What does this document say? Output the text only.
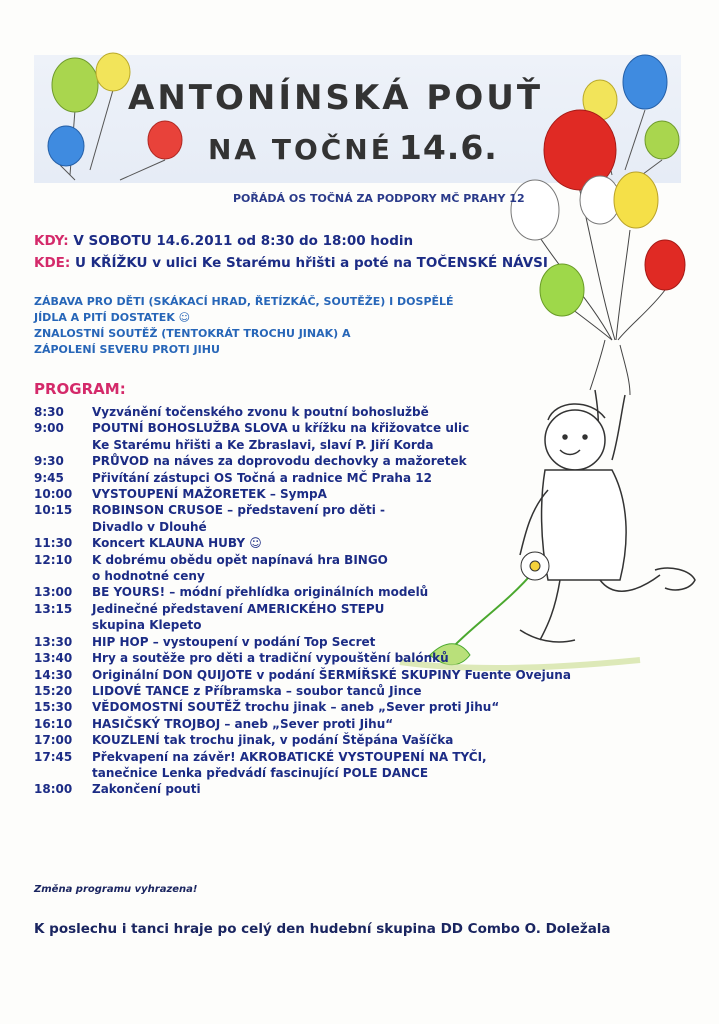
ANTONÍNSKÁ POUŤ
NA TOČNÉ 14.6.
POŘÁDÁ OS TOČNÁ ZA PODPORY MČ PRAHY 12
KDY: V SOBOTU 14.6.2011 od 8:30 do 18:00 hodin
KDE: U KŘÍŽKU v ulici Ke Starému hřišti a poté na TOČENSKÉ NÁVSI
ZÁBAVA PRO DĚTI (SKÁKACÍ HRAD, ŘETÍZKÁČ, SOUTĚŽE) I DOSPĚLÉ
JÍDLA A PITÍ DOSTATEK ☺
ZNALOSTNÍ SOUTĚŽ (TENTOKRÁT TROCHU JINAK) A
ZÁPOLENÍ SEVERU PROTI JIHU
PROGRAM:
8:30	Vyzvánění točenského zvonu k poutní bohoslužbě
9:00	POUTNÍ BOHOSLUŽBA SLOVA u křížku na křižovatce ulic
Ke Starému hřišti a Ke Zbraslavi, slaví P. Jiří Korda
9:30	PRŮVOD na náves za doprovodu dechovky a mažoretek
9:45	Přivítání zástupci OS Točná a radnice MČ Praha 12
10:00	VYSTOUPENÍ MAŽORETEK – SympA
10:15	ROBINSON CRUSOE – představení pro děti -
Divadlo v Dlouhé
11:30	Koncert KLAUNA HUBY ☺
12:10	K dobrému obědu opět napínavá hra BINGO
o hodnotné ceny
13:00	BE YOURS! – módní přehlídka originálních modelů
13:15	Jedinečné představení AMERICKÉHO STEPU
skupina Klepeto
13:30	HIP HOP – vystoupení v podání Top Secret
13:40	Hry a soutěže pro děti a tradiční vypouštění balónků
14:30	Originální DON QUIJOTE v podání ŠERMÍŘSKÉ SKUPINY Fuente Ovejuna
15:20	LIDOVÉ TANCE z Příbramska – soubor tanců Jince
15:30	VĚDOMOSTNÍ SOUTĚŽ trochu jinak – aneb „Sever proti Jihu“
16:10	HASIČSKÝ TROJBOJ – aneb „Sever proti Jihu“
17:00	KOUZLENÍ tak trochu jinak, v podání Štěpána Vašíčka
17:45	Překvapení na závěr! AKROBATICKÉ VYSTOUPENÍ NA TYČI,
tanečnice Lenka předvádí fascinující POLE DANCE
18:00	Zakončení pouti
Změna programu vyhrazena!
K poslechu i tanci hraje po celý den hudební skupina DD Combo O. Doležala
